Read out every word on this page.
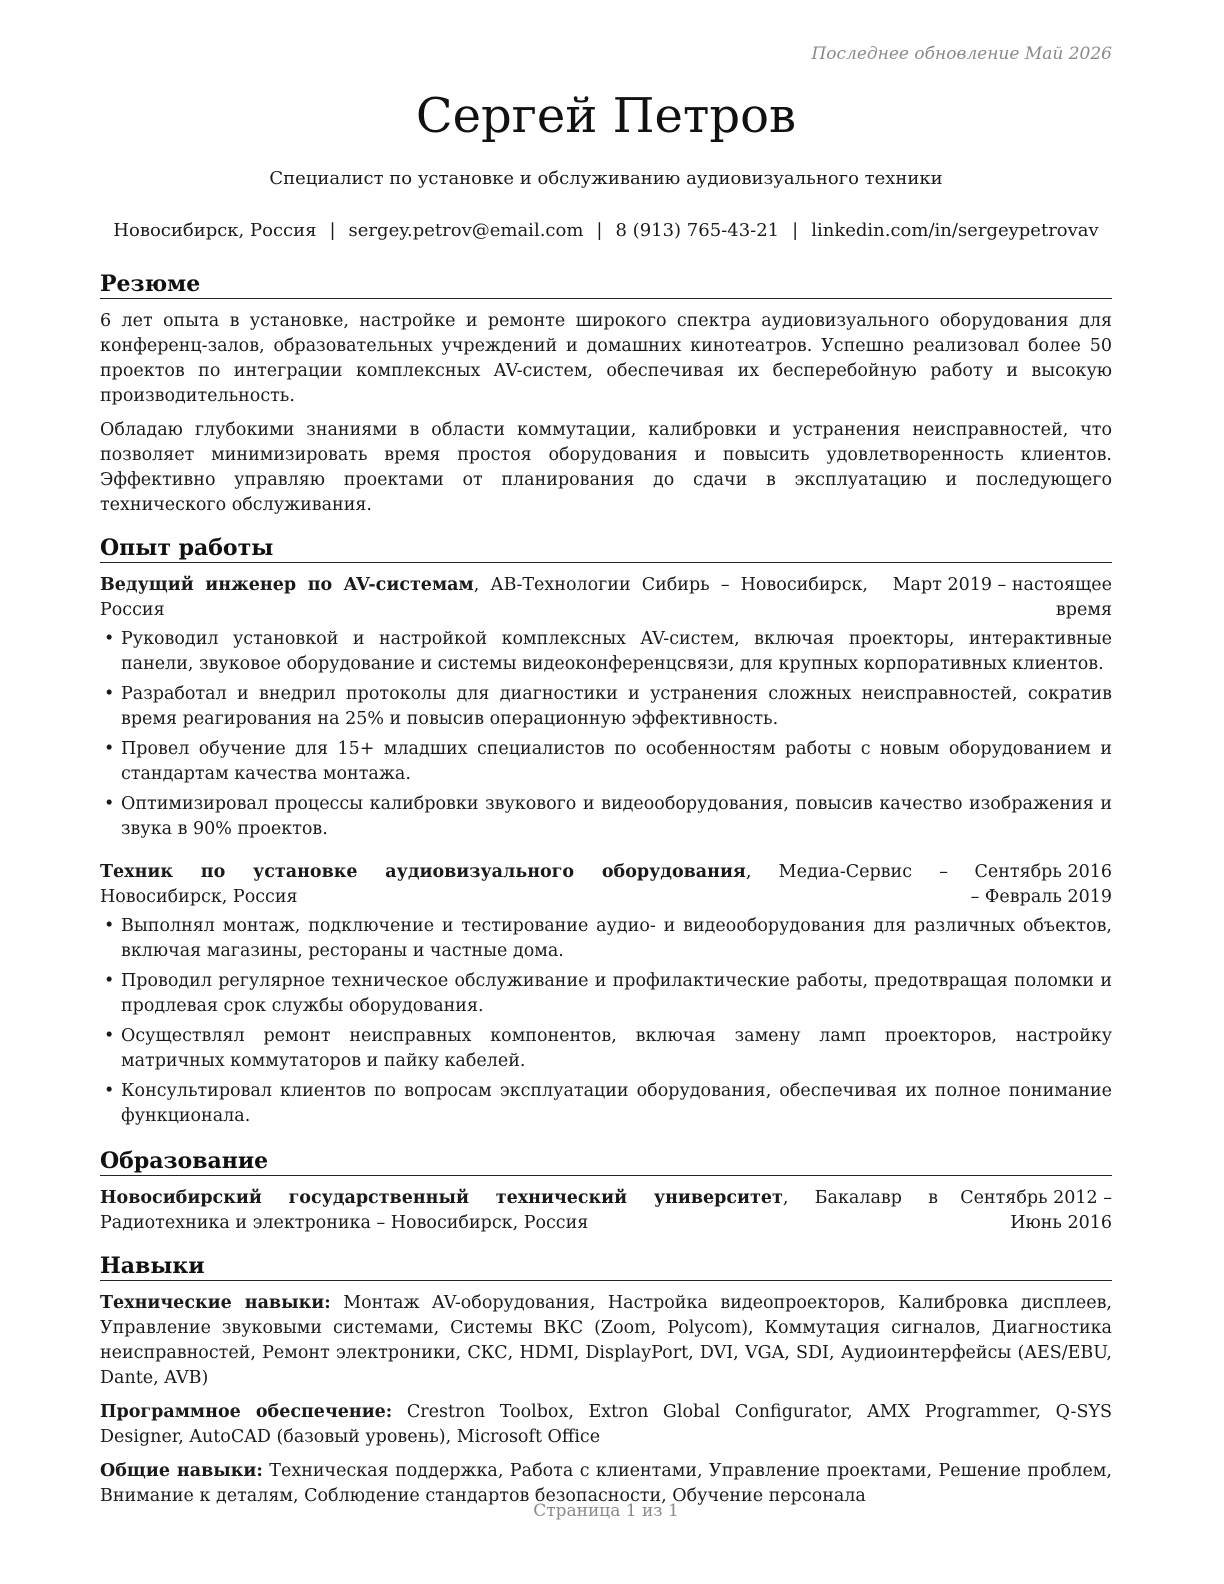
Последнее обновление Май 2026
Сергей Петров
Специалист по установке и обслуживанию аудиовизуального техники
Новосибирск, Россия | sergey.petrov@email.com | 8 (913) 765-43-21 | linkedin.com/in/sergeypetrovav
Резюме

6 лет опыта в установке, настройке и ремонте широкого спектра аудиовизуального оборудования для конференц-залов, образовательных учреждений и домашних кинотеатров. Успешно реализовал более 50 проектов по интеграции комплексных AV-систем, обеспечивая их бесперебойную работу и высокую производительность.

Обладаю глубокими знаниями в области коммутации, калибровки и устранения неисправностей, что позволяет минимизировать время простоя оборудования и повысить удовлетворенность клиентов. Эффективно управляю проектами от планирования до сдачи в эксплуатацию и последующего технического обслуживания.

Опыт работы
Ведущий инженер по AV-системам, АВ-Технологии Сибирь – Новосибирск, Россия
Март 2019 – настоящее время
• Руководил установкой и настройкой комплексных AV-систем, включая проекторы, интерактивные панели, звуковое оборудование и системы видеоконференцсвязи, для крупных корпоративных клиентов.
• Разработал и внедрил протоколы для диагностики и устранения сложных неисправностей, сократив время реагирования на 25% и повысив операционную эффективность.
• Провел обучение для 15+ младших специалистов по особенностям работы с новым оборудованием и стандартам качества монтажа.
• Оптимизировал процессы калибровки звукового и видеооборудования, повысив качество изображения и звука в 90% проектов.
Техник по установке аудиовизуального оборудования, Медиа-Сервис – Новосибирск, Россия
Сентябрь 2016 – Февраль 2019
• Выполнял монтаж, подключение и тестирование аудио- и видеооборудования для различных объектов, включая магазины, рестораны и частные дома.
• Проводил регулярное техническое обслуживание и профилактические работы, предотвращая поломки и продлевая срок службы оборудования.
• Осуществлял ремонт неисправных компонентов, включая замену ламп проекторов, настройку матричных коммутаторов и пайку кабелей.
• Консультировал клиентов по вопросам эксплуатации оборудования, обеспечивая их полное понимание функционала.
Образование
Новосибирский государственный технический университет, Бакалавр в Радиотехника и электроника – Новосибирск, Россия
Сентябрь 2012 – Июнь 2016
Навыки

Технические навыки: Монтаж AV-оборудования, Настройка видеопроекторов, Калибровка дисплеев, Управление звуковыми системами, Системы ВКС (Zoom, Polycom), Коммутация сигналов, Диагностика неисправностей, Ремонт электроники, СКС, HDMI, DisplayPort, DVI, VGA, SDI, Аудиоинтерфейсы (AES/EBU, Dante, AVB)

Программное обеспечение: Crestron Toolbox, Extron Global Configurator, AMX Programmer, Q-SYS Designer, AutoCAD (базовый уровень), Microsoft Office

Общие навыки: Техническая поддержка, Работа с клиентами, Управление проектами, Решение проблем, Внимание к деталям, Соблюдение стандартов безопасности, Обучение персонала

Страница 1 из 1
